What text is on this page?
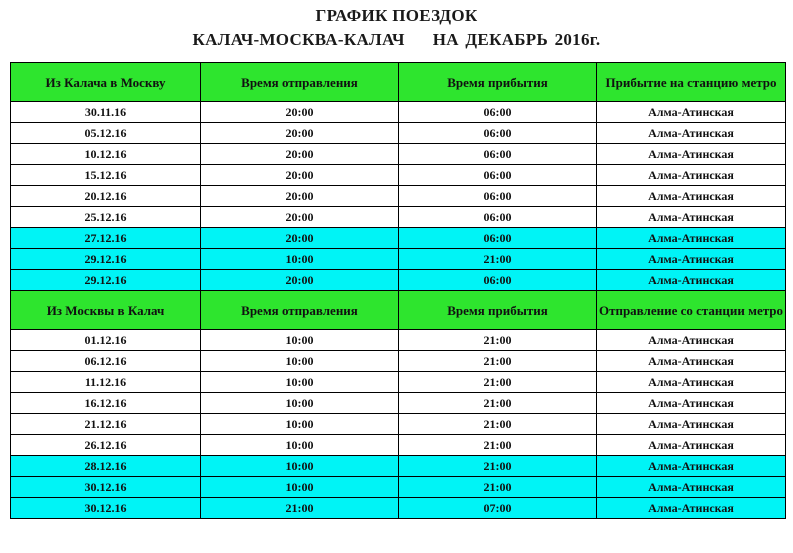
ГРАФИК ПОЕЗДОК
КАЛАЧ-МОСКВА-КАЛАЧ НА ДЕКАБРЬ 2016г.
Из Калача в Москву	Время отправления	Время прибытия	Прибытие на станцию метро
30.11.16	20:00	06:00	Алма-Атинская
05.12.16	20:00	06:00	Алма-Атинская
10.12.16	20:00	06:00	Алма-Атинская
15.12.16	20:00	06:00	Алма-Атинская
20.12.16	20:00	06:00	Алма-Атинская
25.12.16	20:00	06:00	Алма-Атинская
27.12.16	20:00	06:00	Алма-Атинская
29.12.16	10:00	21:00	Алма-Атинская
29.12.16	20:00	06:00	Алма-Атинская
Из Москвы в Калач	Время отправления	Время прибытия	Отправление со станции метро
01.12.16	10:00	21:00	Алма-Атинская
06.12.16	10:00	21:00	Алма-Атинская
11.12.16	10:00	21:00	Алма-Атинская
16.12.16	10:00	21:00	Алма-Атинская
21.12.16	10:00	21:00	Алма-Атинская
26.12.16	10:00	21:00	Алма-Атинская
28.12.16	10:00	21:00	Алма-Атинская
30.12.16	10:00	21:00	Алма-Атинская
30.12.16	21:00	07:00	Алма-Атинская
